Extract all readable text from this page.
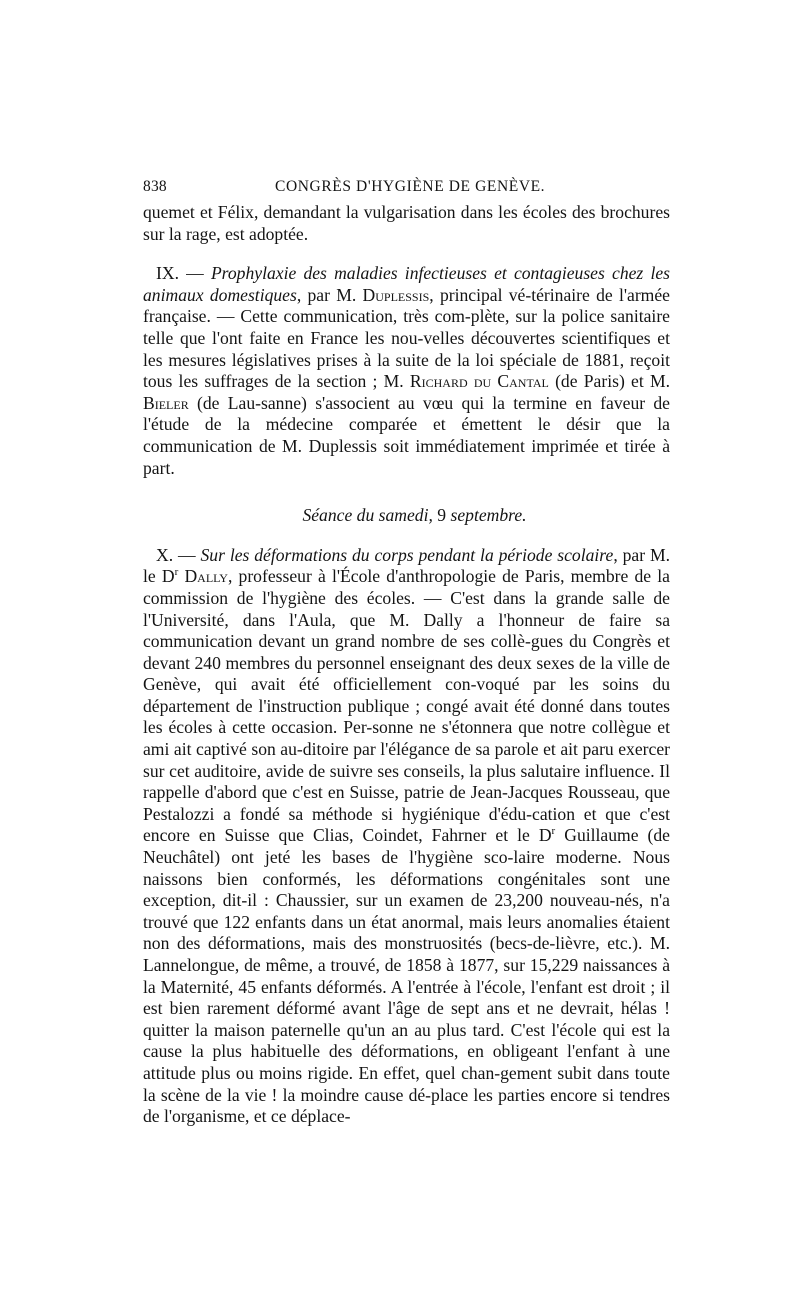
838	CONGRÈS D'HYGIÈNE DE GENÈVE.

quemet et Félix, demandant la vulgarisation dans les écoles des brochures sur la rage, est adoptée.

IX. — Prophylaxie des maladies infectieuses et contagieuses chez les animaux domestiques, par M. Duplessis, principal vé-térinaire de l'armée française. — Cette communication, très com-plète, sur la police sanitaire telle que l'ont faite en France les nou-velles découvertes scientifiques et les mesures législatives prises à la suite de la loi spéciale de 1881, reçoit tous les suffrages de la section ; M. Richard du Cantal (de Paris) et M. Bieler (de Lau-sanne) s'associent au vœu qui la termine en faveur de l'étude de la médecine comparée et émettent le désir que la communication de M. Duplessis soit immédiatement imprimée et tirée à part.

Séance du samedi, 9 septembre.

X. — Sur les déformations du corps pendant la période scolaire, par M. le $D^r$ Dally, professeur à l'École d'anthropologie de Paris, membre de la commission de l'hygiène des écoles. — C'est dans la grande salle de l'Université, dans l'Aula, que M. Dally a l'honneur de faire sa communication devant un grand nombre de ses collè-gues du Congrès et devant 240 membres du personnel enseignant des deux sexes de la ville de Genève, qui avait été officiellement con-voqué par les soins du département de l'instruction publique ; congé avait été donné dans toutes les écoles à cette occasion. Per-sonne ne s'étonnera que notre collègue et ami ait captivé son au-ditoire par l'élégance de sa parole et ait paru exercer sur cet auditoire, avide de suivre ses conseils, la plus salutaire influence. Il rappelle d'abord que c'est en Suisse, patrie de Jean-Jacques Rousseau, que Pestalozzi a fondé sa méthode si hygiénique d'édu-cation et que c'est encore en Suisse que Clias, Coindet, Fahrner et le $D^r$ Guillaume (de Neuchâtel) ont jeté les bases de l'hygiène sco-laire moderne. Nous naissons bien conformés, les déformations congénitales sont une exception, dit-il : Chaussier, sur un examen de 23,200 nouveau-nés, n'a trouvé que 122 enfants dans un état anormal, mais leurs anomalies étaient non des déformations, mais des monstruosités (becs-de-lièvre, etc.). M. Lannelongue, de même, a trouvé, de 1858 à 1877, sur 15,229 naissances à la Maternité, 45 enfants déformés. A l'entrée à l'école, l'enfant est droit ; il est bien rarement déformé avant l'âge de sept ans et ne devrait, hélas ! quitter la maison paternelle qu'un an au plus tard. C'est l'école qui est la cause la plus habituelle des déformations, en obligeant l'enfant à une attitude plus ou moins rigide. En effet, quel chan-gement subit dans toute la scène de la vie ! la moindre cause dé-place les parties encore si tendres de l'organisme, et ce déplace-
